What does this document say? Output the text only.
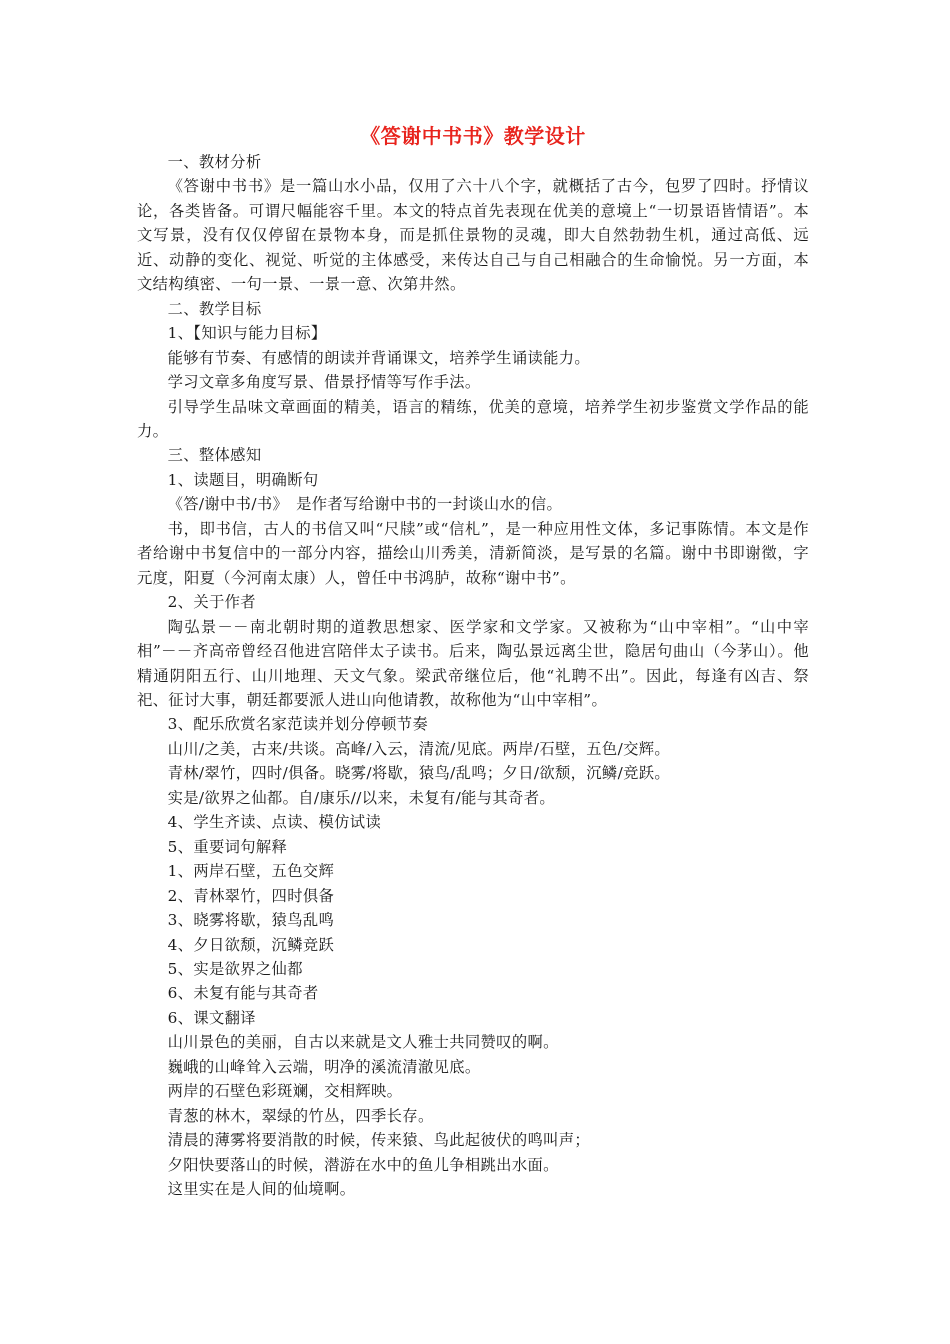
《答谢中书书》教学设计

一、教材分析

《答谢中书书》是一篇山水小品，仅用了六十八个字，就概括了古今，包罗了四时。抒情议论，各类皆备。可谓尺幅能容千里。本文的特点首先表现在优美的意境上“一切景语皆情语”。本文写景，没有仅仅停留在景物本身，而是抓住景物的灵魂，即大自然勃勃生机，通过高低、远近、动静的变化、视觉、听觉的主体感受，来传达自己与自己相融合的生命愉悦。另一方面，本文结构缜密、一句一景、一景一意、次第井然。

二、教学目标

1、【知识与能力目标】

能够有节奏、有感情的朗读并背诵课文，培养学生诵读能力。

学习文章多角度写景、借景抒情等写作手法。

引导学生品味文章画面的精美，语言的精练，优美的意境，培养学生初步鉴赏文学作品的能力。

三、整体感知

1、读题目，明确断句

《答/谢中书/书》　是作者写给谢中书的一封谈山水的信。

书，即书信，古人的书信又叫“尺牍”或“信札”，是一种应用性文体，多记事陈情。本文是作者给谢中书复信中的一部分内容，描绘山川秀美，清新简淡，是写景的名篇。谢中书即谢徵，字元度，阳夏（今河南太康）人，曾任中书鸿胪，故称“谢中书”。

2、关于作者

陶弘景－－南北朝时期的道教思想家、医学家和文学家。又被称为“山中宰相”。“山中宰相”－－齐高帝曾经召他进宫陪伴太子读书。后来，陶弘景远离尘世，隐居句曲山（今茅山）。他精通阴阳五行、山川地理、天文气象。梁武帝继位后，他“礼聘不出”。因此，每逢有凶吉、祭祀、征讨大事，朝廷都要派人进山向他请教，故称他为“山中宰相”。

3、配乐欣赏名家范读并划分停顿节奏

山川/之美，古来/共谈。高峰/入云，清流/见底。两岸/石壁，五色/交辉。

青林/翠竹，四时/俱备。晓雾/将歇，猿鸟/乱鸣；夕日/欲颓，沉鳞/竞跃。

实是/欲界之仙都。自/康乐//以来，未复有/能与其奇者。

4、学生齐读、点读、模仿试读

5、重要词句解释

1、两岸石壁，五色交辉

2、青林翠竹，四时俱备

3、晓雾将歇，猿鸟乱鸣

4、夕日欲颓，沉鳞竞跃

5、实是欲界之仙都

6、未复有能与其奇者

6、课文翻译

山川景色的美丽，自古以来就是文人雅士共同赞叹的啊。

巍峨的山峰耸入云端，明净的溪流清澈见底。

两岸的石壁色彩斑斓，交相辉映。

青葱的林木，翠绿的竹丛，四季长存。

清晨的薄雾将要消散的时候，传来猿、鸟此起彼伏的鸣叫声；

夕阳快要落山的时候，潜游在水中的鱼儿争相跳出水面。

这里实在是人间的仙境啊。
